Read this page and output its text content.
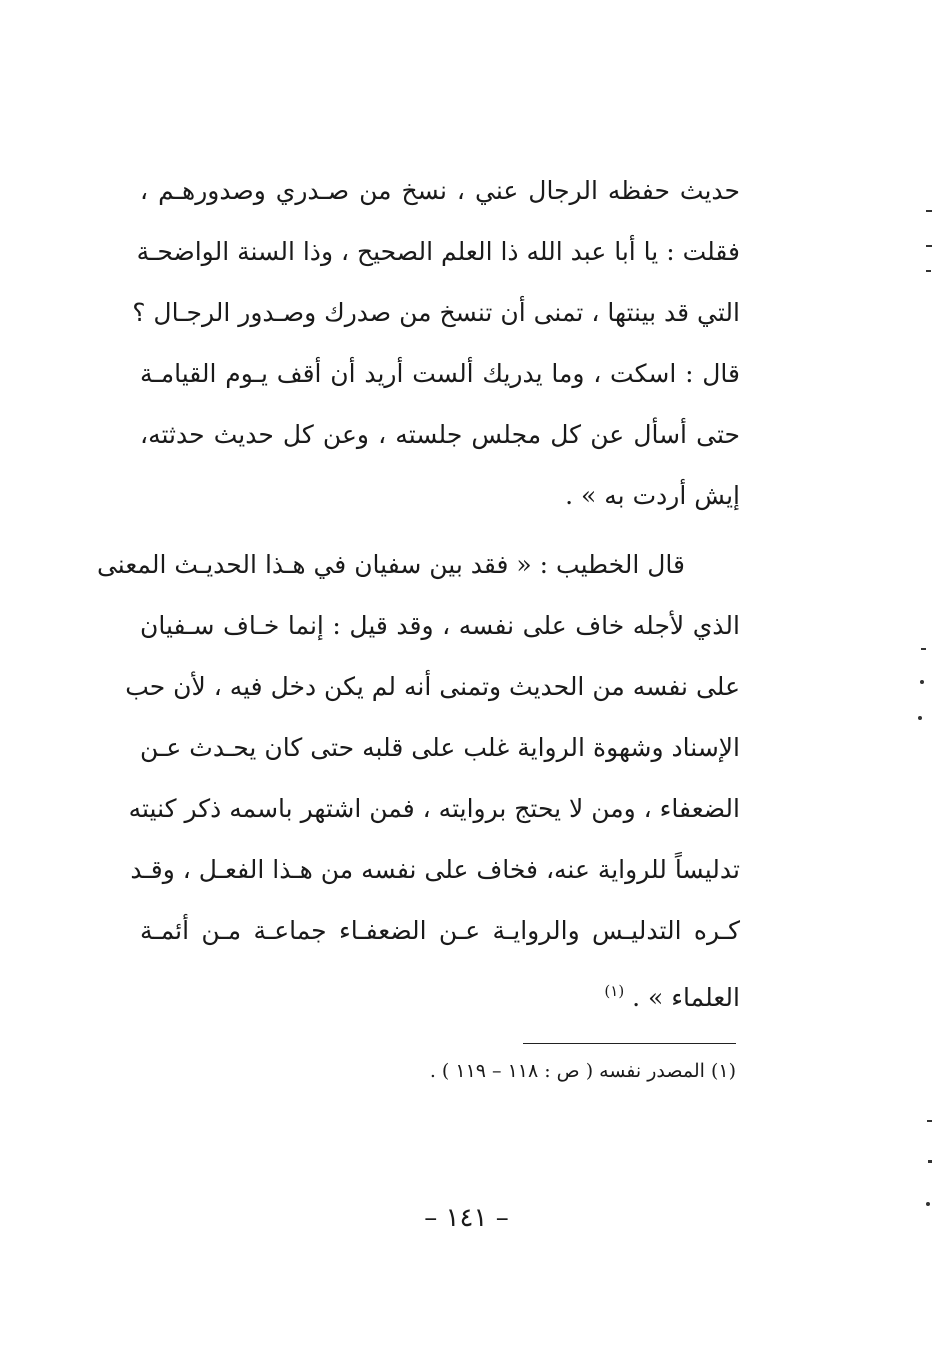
حديث حفظه الرجال عني ، نسخ من صـدري وصدورهـم ،
فقلت : يا أبا عبد الله ذا العلم الصحيح ، وذا السنة الواضحـة
التي قد بينتها ، تمنى أن تنسخ من صدرك وصـدور الرجـال ؟
قال : اسكت ، وما يدريك ألست أريد أن أقف يـوم القيامـة
حتى أسأل عن كل مجلس جلسته ، وعن كل حديث حدثته،
إيش أردت به » .
قال الخطيب : « فقد بين سفيان في هـذا الحديـث المعنى
الذي لأجله خاف على نفسه ، وقد قيل : إنما خـاف سـفيان
على نفسه من الحديث وتمنى أنه لم يكن دخل فيه ، لأن حب
الإسناد وشهوة الرواية غلب على قلبه حتى كان يحـدث عـن
الضعفاء ، ومن لا يحتج بروايته ، فمن اشتهر باسمه ذكر كنيته
تدليساً للرواية عنه، فخاف على نفسه من هـذا الفعـل ، وقـد
كـره التدليـس والروايـة عـن الضعفـاء جماعـة مـن أئمـة
العلماء » . $^{(١)}$
(١) المصدر نفسه ( ص : ١١٨ – ١١٩ ) .
– ١٤١ –
